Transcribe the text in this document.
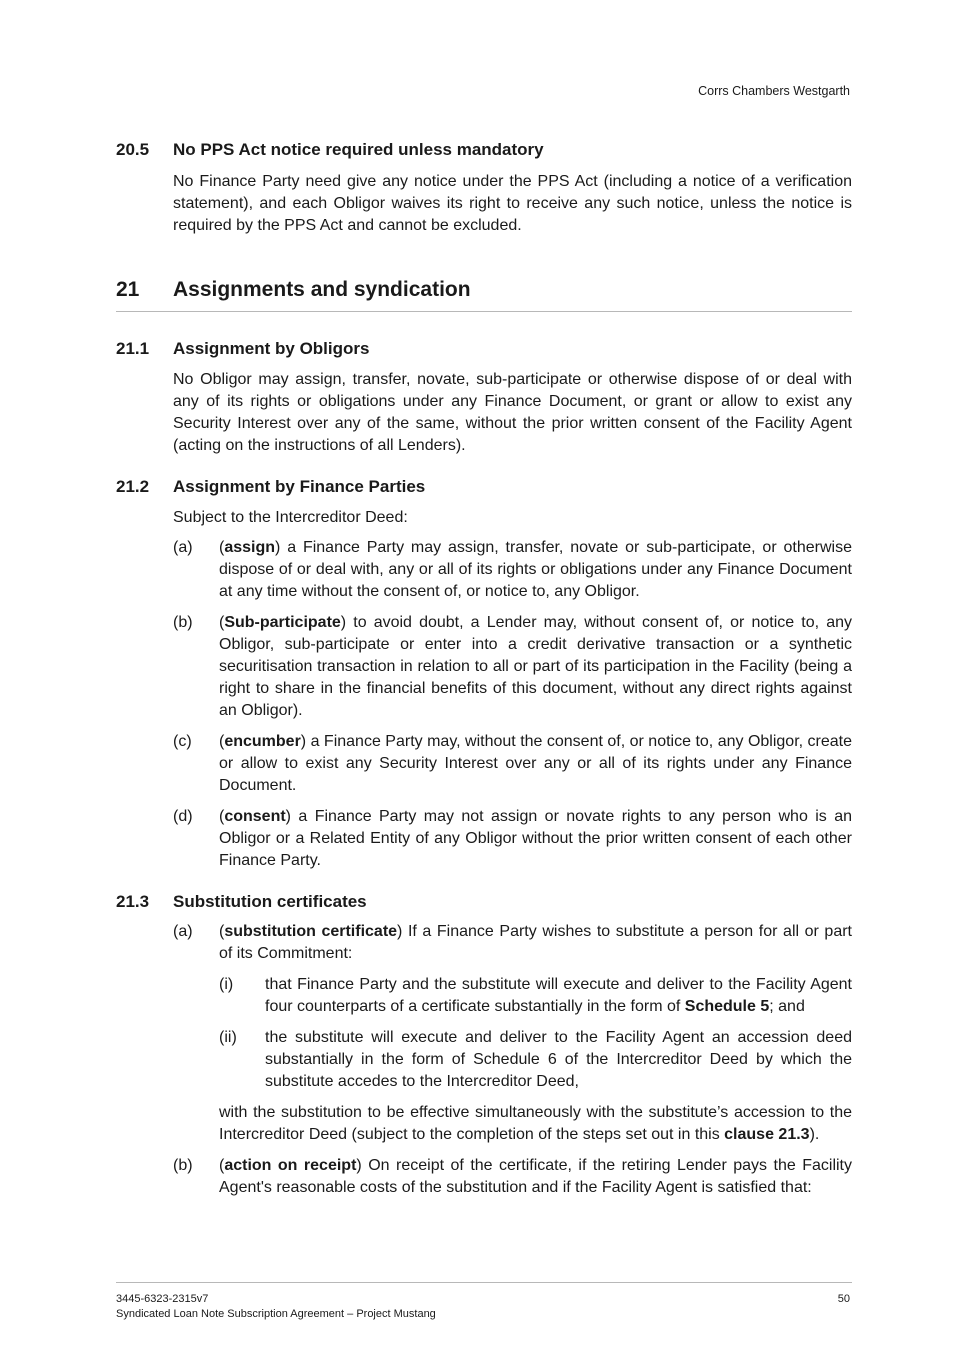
Corrs Chambers Westgarth
20.5	No PPS Act notice required unless mandatory

No Finance Party need give any notice under the PPS Act (including a notice of a verification statement), and each Obligor waives its right to receive any such notice, unless the notice is required by the PPS Act and cannot be excluded.

21	Assignments and syndication
21.1	Assignment by Obligors

No Obligor may assign, transfer, novate, sub-participate or otherwise dispose of or deal with any of its rights or obligations under any Finance Document, or grant or allow to exist any Security Interest over any of the same, without the prior written consent of the Facility Agent (acting on the instructions of all Lenders).

21.2	Assignment by Finance Parties

Subject to the Intercreditor Deed:

(a)	(assign) a Finance Party may assign, transfer, novate or sub-participate, or otherwise dispose of or deal with, any or all of its rights or obligations under any Finance Document at any time without the consent of, or notice to, any Obligor.
(b)	(Sub-participate) to avoid doubt, a Lender may, without consent of, or notice to, any Obligor, sub-participate or enter into a credit derivative transaction or a synthetic securitisation transaction in relation to all or part of its participation in the Facility (being a right to share in the financial benefits of this document, without any direct rights against an Obligor).
(c)	(encumber) a Finance Party may, without the consent of, or notice to, any Obligor, create or allow to exist any Security Interest over any or all of its rights under any Finance Document.
(d)	(consent) a Finance Party may not assign or novate rights to any person who is an Obligor or a Related Entity of any Obligor without the prior written consent of each other Finance Party.
21.3	Substitution certificates
(a)	(substitution certificate) If a Finance Party wishes to substitute a person for all or part of its Commitment:
(i)	that Finance Party and the substitute will execute and deliver to the Facility Agent four counterparts of a certificate substantially in the form of Schedule 5; and
(ii)	the substitute will execute and deliver to the Facility Agent an accession deed substantially in the form of Schedule 6 of the Intercreditor Deed by which the substitute accedes to the Intercreditor Deed,
with the substitution to be effective simultaneously with the substitute’s accession to the Intercreditor Deed (subject to the completion of the steps set out in this clause 21.3).
(b)	(action on receipt) On receipt of the certificate, if the retiring Lender pays the Facility Agent's reasonable costs of the substitution and if the Facility Agent is satisfied that:
3445-6323-2315v7
Syndicated Loan Note Subscription Agreement – Project Mustang
50
